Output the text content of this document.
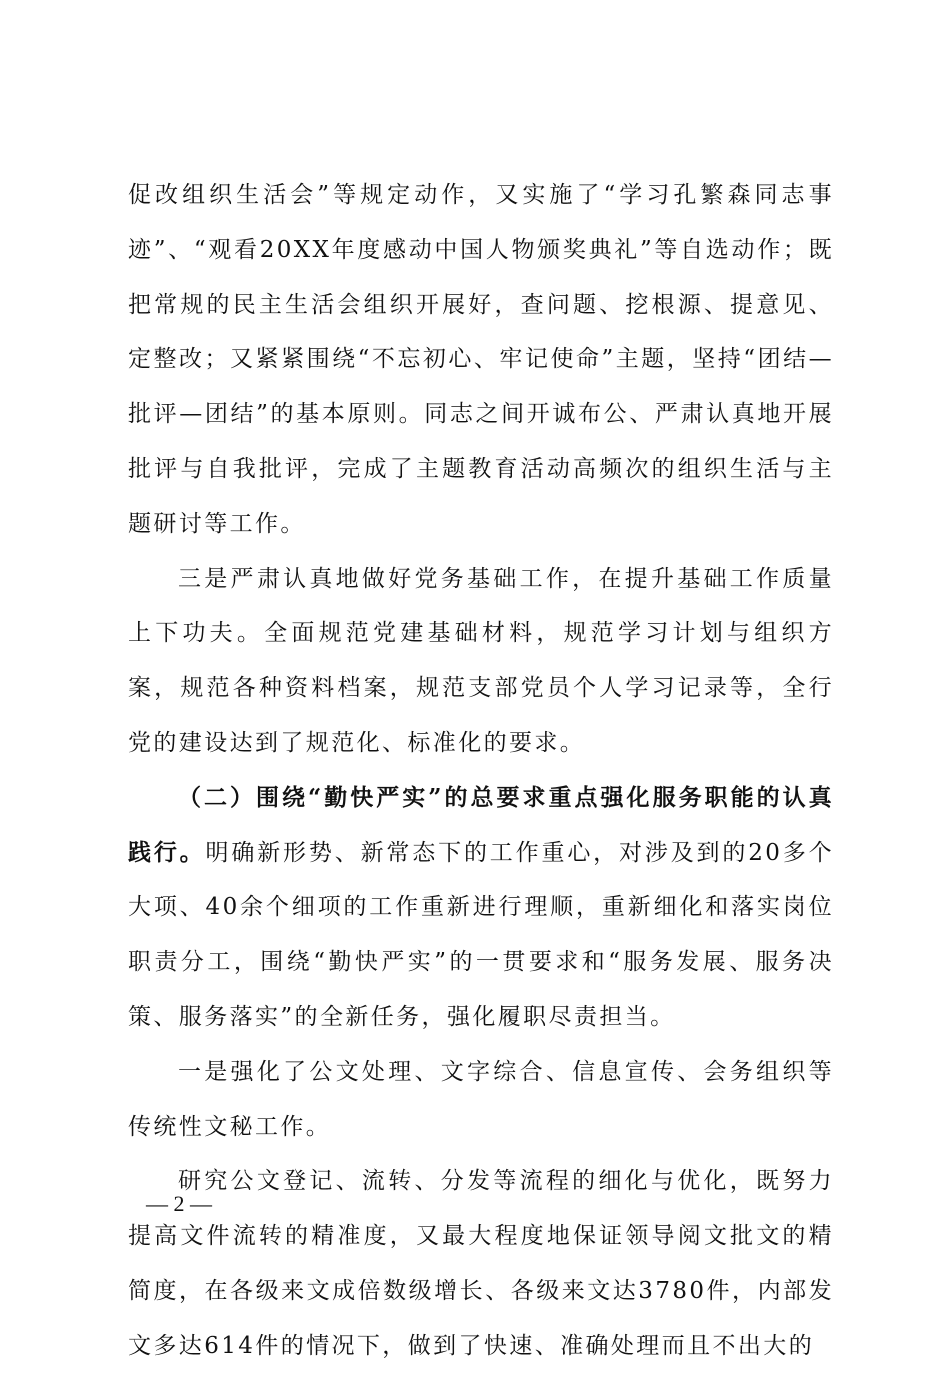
促改组织生活会”等规定动作，又实施了“学习孔繁森同志事迹”、“观看20XX年度感动中国人物颁奖典礼”等自选动作；既把常规的民主生活会组织开展好，查问题、挖根源、提意见、定整改；又紧紧围绕“不忘初心、牢记使命”主题，坚持“团结—批评—团结”的基本原则。同志之间开诚布公、严肃认真地开展批评与自我批评，完成了主题教育活动高频次的组织生活与主题研讨等工作。

三是严肃认真地做好党务基础工作，在提升基础工作质量上下功夫。全面规范党建基础材料，规范学习计划与组织方案，规范各种资料档案，规范支部党员个人学习记录等，全行党的建设达到了规范化、标准化的要求。

（二）围绕“勤快严实”的总要求重点强化服务职能的认真践行。明确新形势、新常态下的工作重心，对涉及到的20多个大项、40余个细项的工作重新进行理顺，重新细化和落实岗位职责分工，围绕“勤快严实”的一贯要求和“服务发展、服务决策、服务落实”的全新任务，强化履职尽责担当。

一是强化了公文处理、文字综合、信息宣传、会务组织等传统性文秘工作。

研究公文登记、流转、分发等流程的细化与优化，既努力提高文件流转的精准度，又最大程度地保证领导阅文批文的精简度，在各级来文成倍数级增长、各级来文达3780件，内部发文多达614件的情况下，做到了快速、准确处理而且不出大的

— 2 —
